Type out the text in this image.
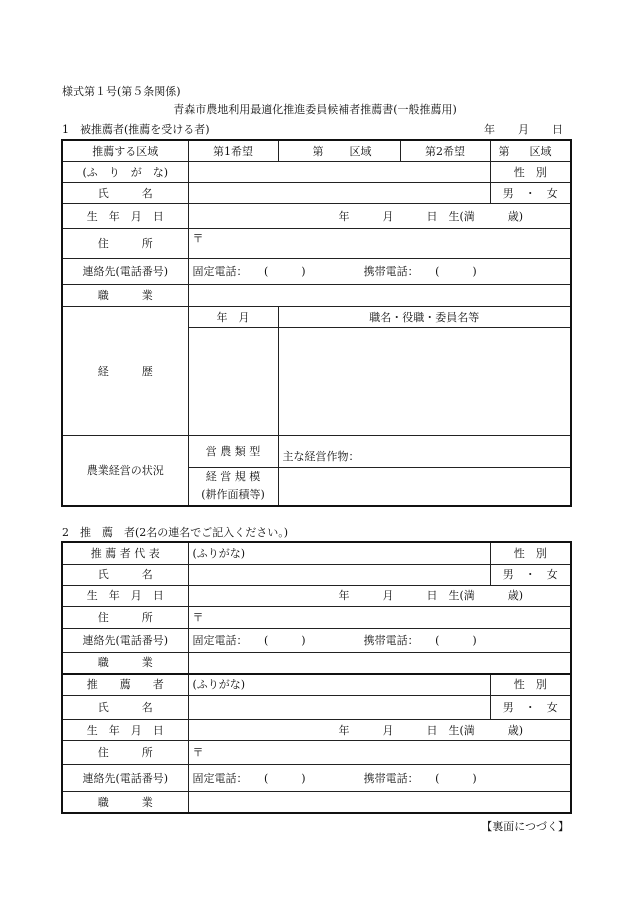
様式第１号(第５条関係)
青森市農地利用最適化推進委員候補者推薦書(一般推薦用)
1　被推薦者(推薦を受ける者)	年 月 日
推薦する区域	第1希望	第 区域	第2希望	第 区域
(ふ　り　が　な)				性　別
氏　　　名				男　・　女
生　年　月　日	年　　　月　　　日　生(満　　　歳)			
住　　　所	〒			
連絡先(電話番号)	固定電話：　　(　　　) 携帯電話：　　(　　　)			
職　　　業				
経　　　歴	年　月	職名・役職・委員名等		

農業経営の状況	営 農 類 型	主な経営作物：		
	経 営 規 模
(耕作面積等)			
2　推　薦　者(2名の連名でご記入ください。)
推 薦 者 代 表	(ふりがな)	性　別
氏　　　名		男　・　女
生　年　月　日	年　　　月　　　日　生(満　　　歳)	
住　　　所	〒	
連絡先(電話番号)	固定電話：　　(　　　) 携帯電話：　　(　　　)	
職　　　業		
推　　薦　　者	(ふりがな)	性　別
氏　　　名		男　・　女
生　年　月　日	年　　　月　　　日　生(満　　　歳)	
住　　　所	〒	
連絡先(電話番号)	固定電話：　　(　　　) 携帯電話：　　(　　　)	
職　　　業		
【裏面につづく】
